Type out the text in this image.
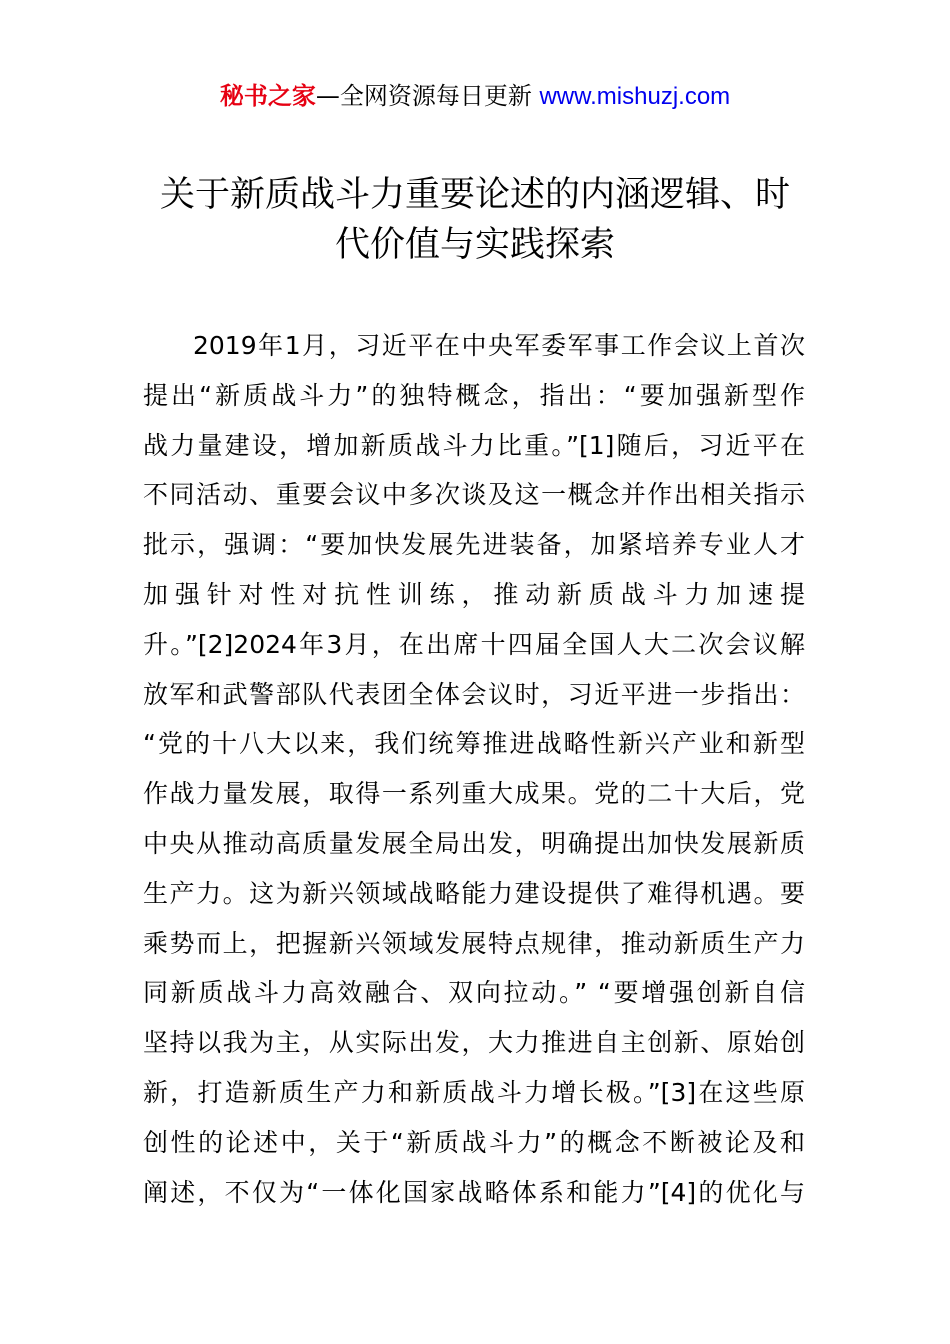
秘书之家—全网资源每日更新 www.mishuzj.com
关于新质战斗力重要论述的内涵逻辑、时
代价值与实践探索
2019年1月，习近平在中央军委军事工作会议上首次
提出“新质战斗力”的独特概念，指出：“要加强新型作
战力量建设，增加新质战斗力比重。”[1]随后，习近平在
不同活动、重要会议中多次谈及这一概念并作出相关指示
批示，强调：“要加快发展先进装备，加紧培养专业人才
加强针对性对抗性训练，推动新质战斗力加速提
升。”[2]2024年3月，在出席十四届全国人大二次会议解
放军和武警部队代表团全体会议时，习近平进一步指出：
“党的十八大以来，我们统筹推进战略性新兴产业和新型
作战力量发展，取得一系列重大成果。党的二十大后，党
中央从推动高质量发展全局出发，明确提出加快发展新质
生产力。这为新兴领域战略能力建设提供了难得机遇。要
乘势而上，把握新兴领域发展特点规律，推动新质生产力
同新质战斗力高效融合、双向拉动。” “要增强创新自信
坚持以我为主，从实际出发，大力推进自主创新、原始创
新，打造新质生产力和新质战斗力增长极。”[3]在这些原
创性的论述中，关于“新质战斗力”的概念不断被论及和
阐述，不仅为“一体化国家战略体系和能力”[4]的优化与
